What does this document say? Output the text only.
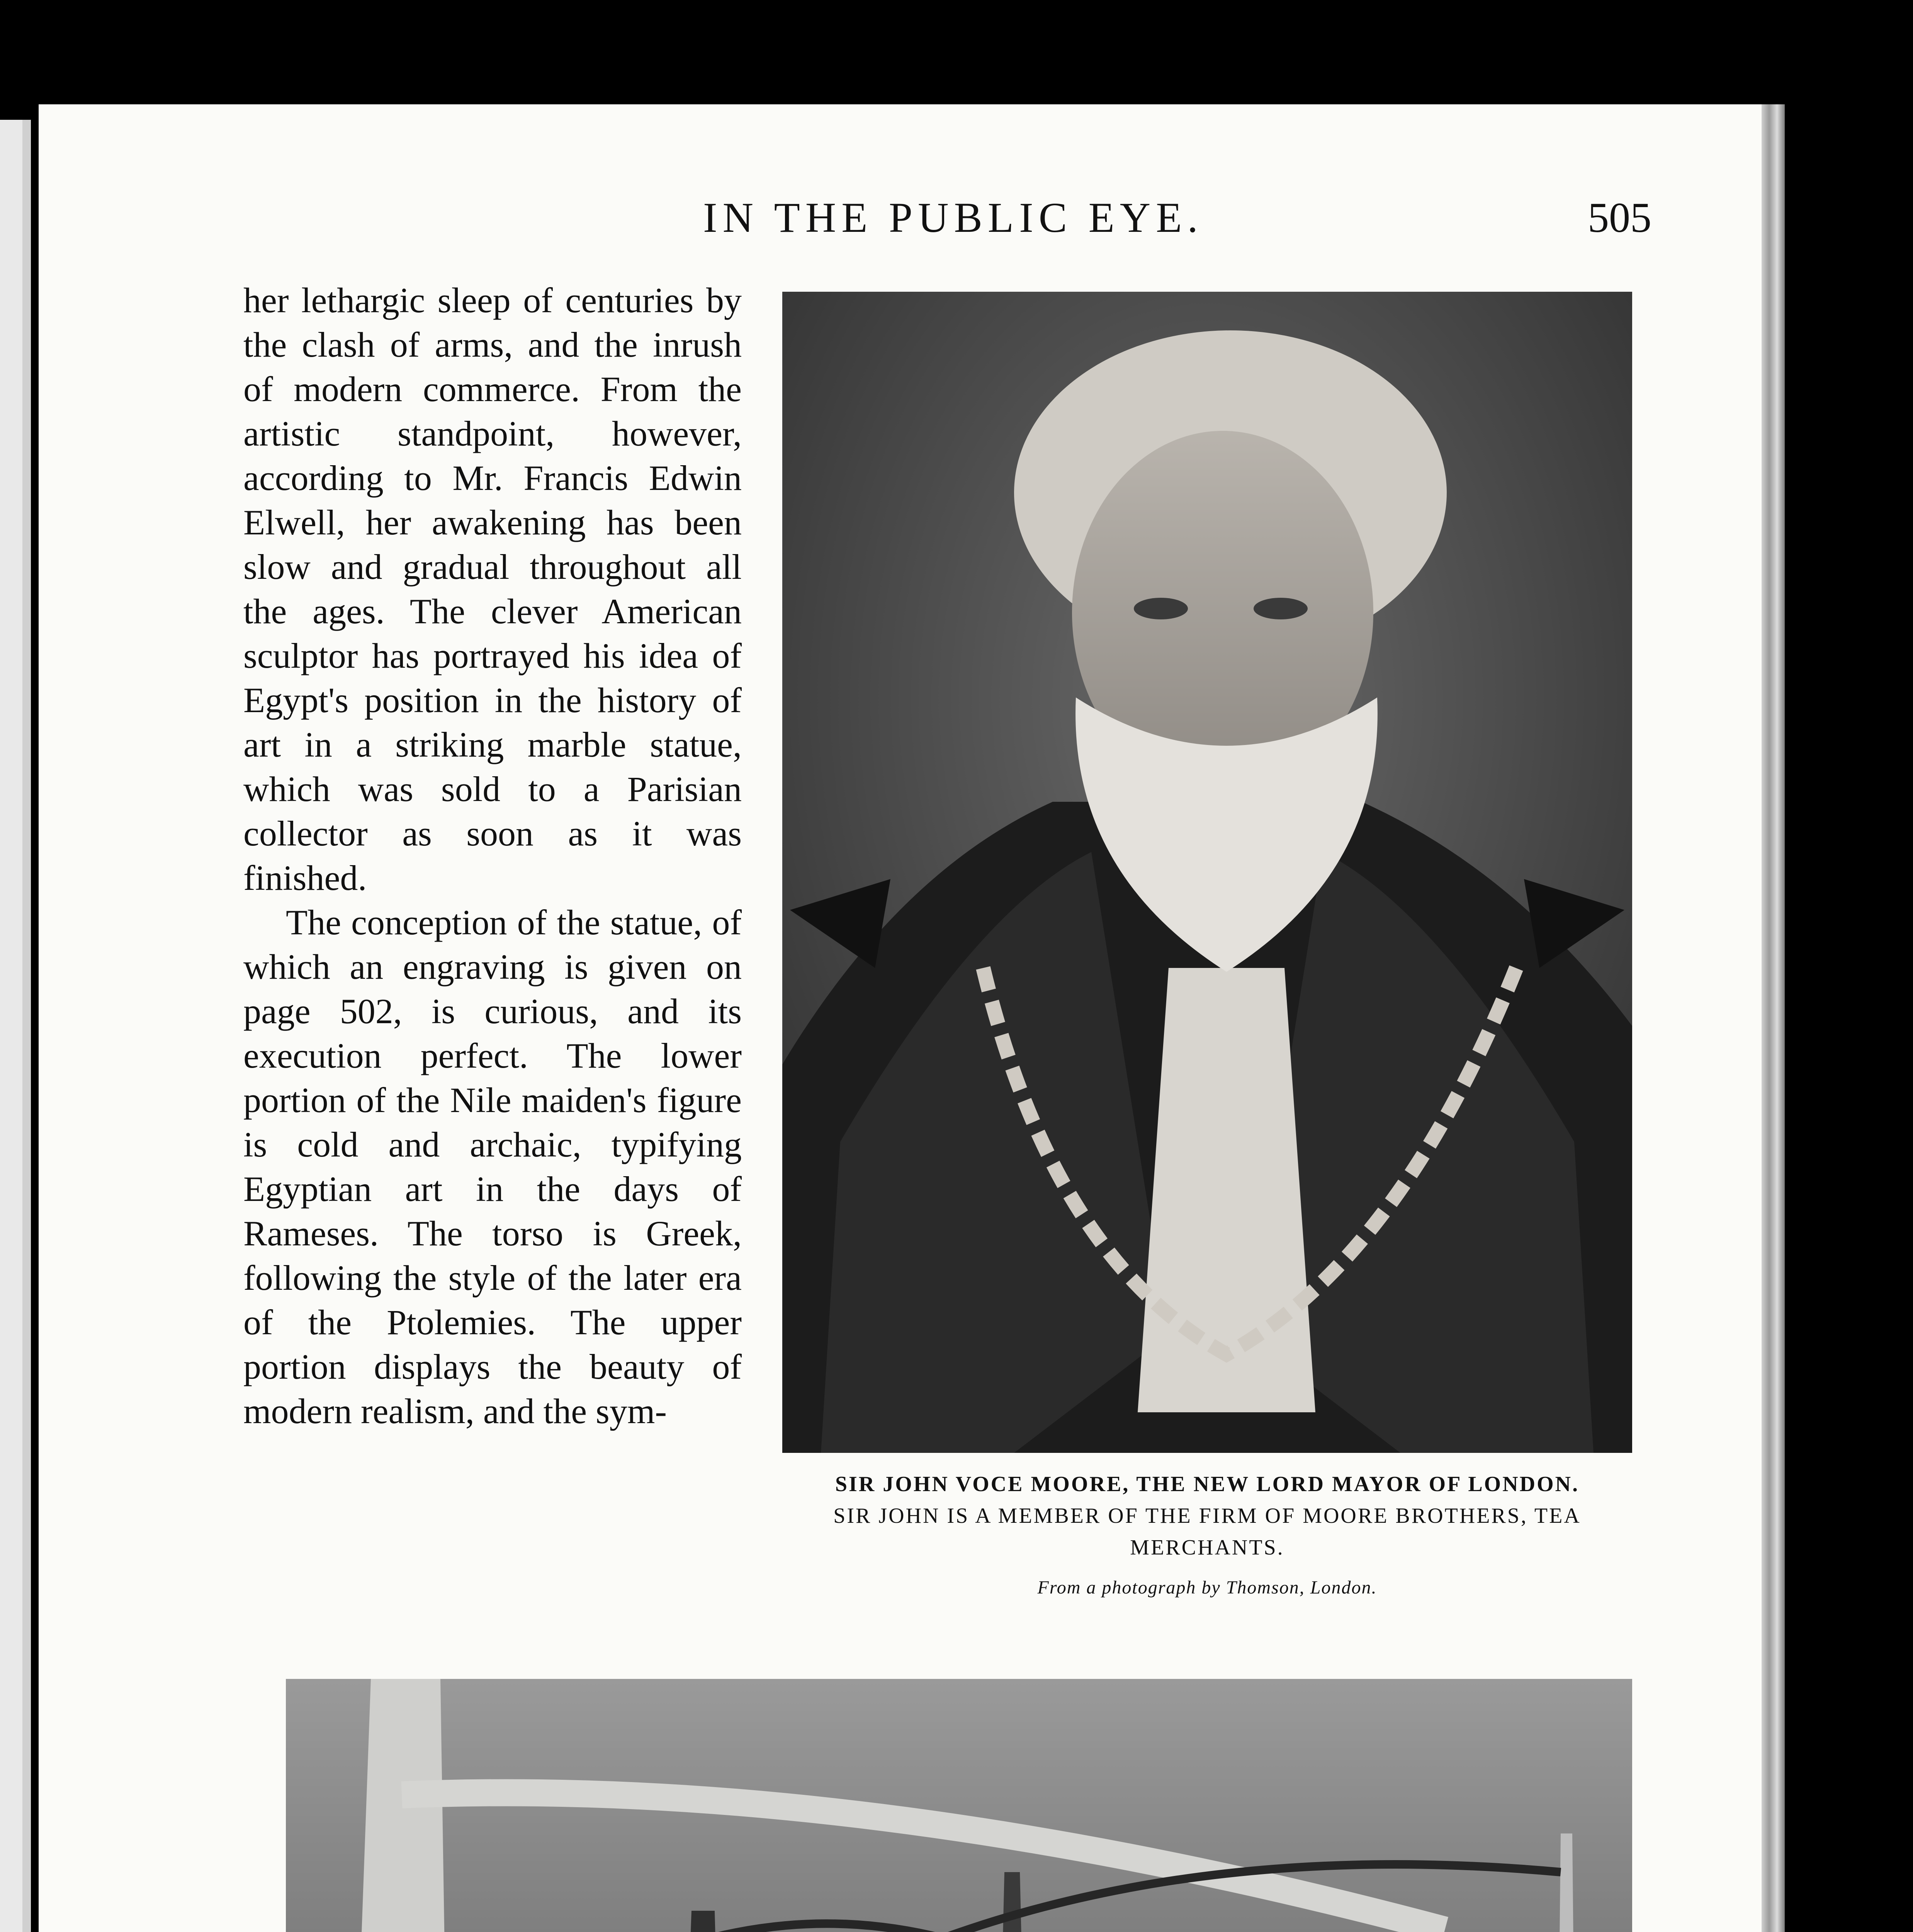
IN THE PUBLIC EYE.	505

her lethargic sleep of centuries by the clash of arms, and the inrush of modern commerce. From the artistic standpoint, however, according to Mr. Francis Edwin Elwell, her awakening has been slow and gradual throughout all the ages. The clever American sculptor has portrayed his idea of Egypt's position in the history of art in a striking marble statue, which was sold to a Parisian collector as soon as it was finished.

The conception of the statue, of which an engraving is given on page 502, is curious, and its execution perfect. The lower portion of the Nile maiden's figure is cold and archaic, typifying Egyptian art in the days of Rameses. The torso is Greek, following the style of the later era of the Ptolemies. The upper portion displays the beauty of modern realism, and the sym-

SIR JOHN VOCE MOORE, THE NEW LORD MAYOR OF LONDON.
SIR JOHN IS A MEMBER OF THE FIRM OF MOORE BROTHERS, TEA MERCHANTS.
From a photograph by Thomson, London.
